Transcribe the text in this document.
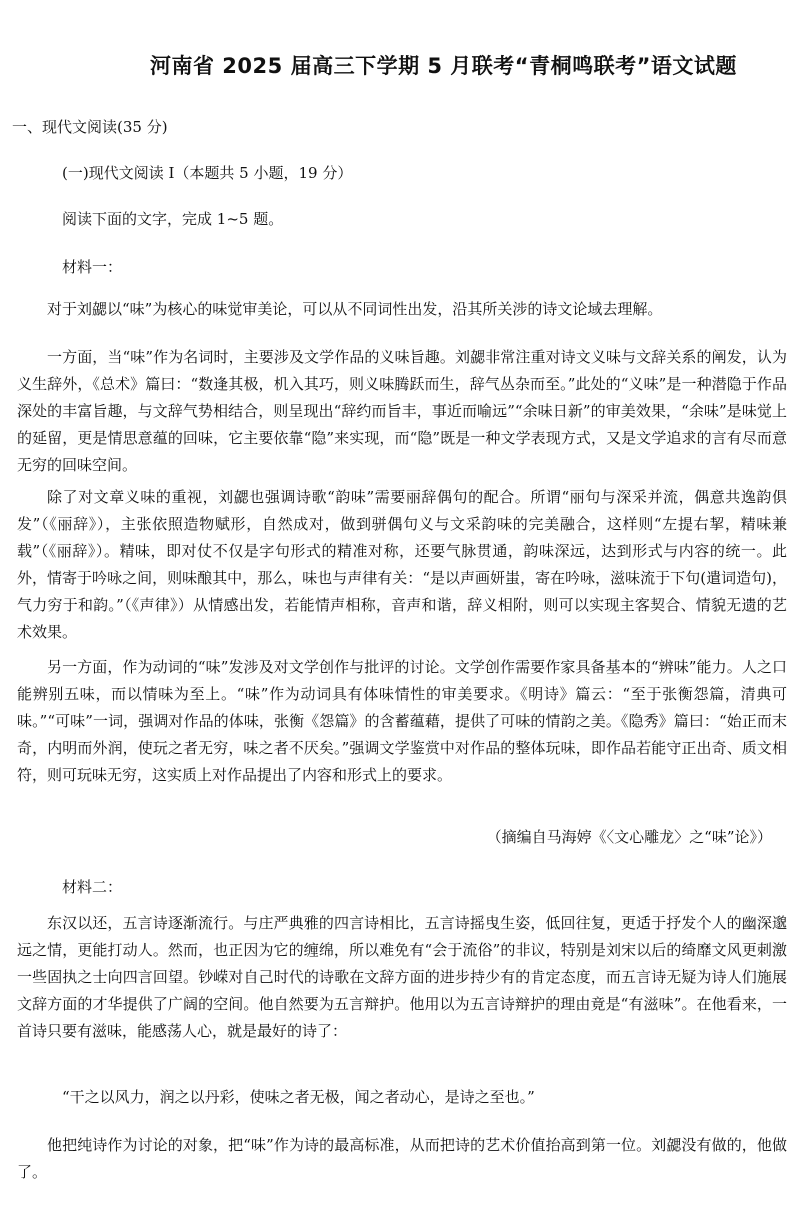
河南省 2025 届高三下学期 5 月联考“青桐鸣联考”语文试题
一、现代文阅读(35 分)
(一)现代文阅读 I（本题共 5 小题，19 分）
阅读下面的文字，完成 1~5 题。
材料一：

对于刘勰以“味”为核心的味觉审美论，可以从不同词性出发，沿其所关涉的诗文论域去理解。

一方面，当“味”作为名词时，主要涉及文学作品的义味旨趣。刘勰非常注重对诗文义味与文辞关系的阐发，认为义生辞外，《总术》篇曰：“数逢其极，机入其巧，则义味腾跃而生，辞气丛杂而至。”此处的“义味”是一种潜隐于作品深处的丰富旨趣，与文辞气势相结合，则呈现出“辞约而旨丰，事近而喻远”“余味日新”的审美效果，“余味”是味觉上的延留，更是情思意蕴的回味，它主要依靠“隐”来实现，而“隐”既是一种文学表现方式，又是文学追求的言有尽而意无穷的回味空间。

除了对文章义味的重视，刘勰也强调诗歌“韵味”需要丽辞偶句的配合。所谓“丽句与深采并流，偶意共逸韵俱发”（《丽辞》），主张依照造物赋形，自然成对，做到骈偶句义与文采韵味的完美融合，这样则“左提右挈，精味兼载”（《丽辞》）。精味，即对仗不仅是字句形式的精准对称，还要气脉贯通，韵味深远，达到形式与内容的统一。此外，情寄于吟咏之间，则味酿其中，那么，味也与声律有关：“是以声画妍蚩，寄在吟咏，滋味流于下句(遣词造句)，气力穷于和韵。”（《声律》）从情感出发，若能情声相称，音声和谐，辞义相附，则可以实现主客契合、情貌无遗的艺术效果。

另一方面，作为动词的“味”发涉及对文学创作与批评的讨论。文学创作需要作家具备基本的“辨味”能力。人之口能辨别五味，而以情味为至上。“味”作为动词具有体味情性的审美要求。《明诗》篇云：“至于张衡怨篇，清典可味。”“可味”一词，强调对作品的体味，张衡《怨篇》的含蓄蕴藉，提供了可味的情韵之美。《隐秀》篇曰：“始正而末奇，内明而外润，使玩之者无穷，味之者不厌矣。”强调文学鉴赏中对作品的整体玩味，即作品若能守正出奇、质文相符，则可玩味无穷，这实质上对作品提出了内容和形式上的要求。

（摘编自马海婷《〈文心雕龙〉之“味”论》）
材料二：

东汉以还，五言诗逐渐流行。与庄严典雅的四言诗相比，五言诗摇曳生姿，低回往复，更适于抒发个人的幽深邈远之情，更能打动人。然而，也正因为它的缠绵，所以难免有“会于流俗”的非议，特别是刘宋以后的绮靡文风更刺激一些固执之士向四言回望。钞嵘对自己时代的诗歌在文辞方面的进步持少有的肯定态度，而五言诗无疑为诗人们施展文辞方面的才华提供了广阔的空间。他自然要为五言辩护。他用以为五言诗辩护的理由竟是“有滋味”。在他看来，一首诗只要有滋味，能感荡人心，就是最好的诗了：

“干之以风力，润之以丹彩，使味之者无极，闻之者动心，是诗之至也。”

他把纯诗作为讨论的对象，把“味”作为诗的最高标准，从而把诗的艺术价值抬高到第一位。刘勰没有做的，他做了。
